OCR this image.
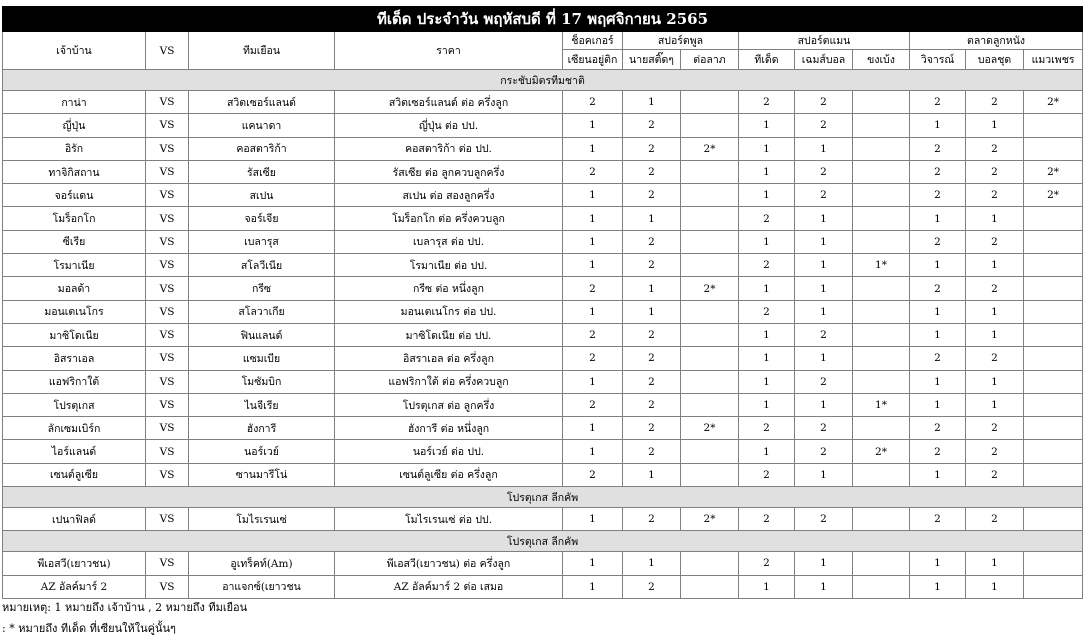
ทีเด็ด ประจำวัน พฤหัสบดี ที่ 17 พฤศจิกายน 2565												
เจ้าบ้าน	VS	ทีมเยือน	ราคา	ช็อคเกอร์	สปอร์ตพูล		สปอร์ตแมน			ตลาดลูกหนัง		
				เซียนอยู่ติก	นายสติ๊ดๆ	ต่อลาภ	ทีเด็ด	เฉมส์บอล	ขงเบ้ง	วิจารณ์	บอลชุด	แมวเพชร
กระชับมิตรทีมชาติ												
กาน่า	VS	สวิตเซอร์แลนด์	สวิตเซอร์แลนด์ ต่อ ครึ่งลูก	2	1		2	2		2	2	2*
ญี่ปุ่น	VS	แคนาดา	ญี่ปุ่น ต่อ ปป.	1	2		1	2		1	1	
อิรัก	VS	คอสตาริก้า	คอสตาริก้า ต่อ ปป.	1	2	2*	1	1		2	2	
ทาจิกิสถาน	VS	รัสเซีย	รัสเซีย ต่อ ลูกควบลูกครึ่ง	2	2		1	2		2	2	2*
จอร์แดน	VS	สเปน	สเปน ต่อ สองลูกครึ่ง	1	2		1	2		2	2	2*
โมร็อกโก	VS	จอร์เจีย	โมร็อกโก ต่อ ครึ่งควบลูก	1	1		2	1		1	1	
ซีเรีย	VS	เบลารุส	เบลารุส ต่อ ปป.	1	2		1	1		2	2	
โรมาเนีย	VS	สโลวีเนีย	โรมาเนีย ต่อ ปป.	1	2		2	1	1*	1	1	
มอลด้า	VS	กรีซ	กรีซ ต่อ หนึ่งลูก	2	1	2*	1	1		2	2	
มอนเตเนโกร	VS	สโลวาเกีย	มอนเตเนโกร ต่อ ปป.	1	1		2	1		1	1	
มาซิโดเนีย	VS	ฟินแลนด์	มาซิโดเนีย ต่อ ปป.	2	2		1	2		1	1	
อิสราเอล	VS	แซมเบีย	อิสราเอล ต่อ ครึ่งลูก	2	2		1	1		2	2	
แอฟริกาใต้	VS	โมซัมบิก	แอฟริกาใต้ ต่อ ครึ่งควบลูก	1	2		1	2		1	1	
โปรตุเกส	VS	ไนจีเรีย	โปรตุเกส ต่อ ลูกครึ่ง	2	2		1	1	1*	1	1	
ลักเซมเบิร์ก	VS	ฮังการี	ฮังการี ต่อ หนึ่งลูก	1	2	2*	2	2		2	2	
ไอร์แลนด์	VS	นอร์เวย์	นอร์เวย์ ต่อ ปป.	1	2		1	2	2*	2	2	
เซนต์ลูเซีย	VS	ซานมารีโน่	เซนต์ลูเซีย ต่อ ครึ่งลูก	2	1		2	1		1	2	
โปรตุเกส ลีกคัพ												
เปนาฟิลด์	VS	โมไรเรนเซ่	โมไรเรนเซ่ ต่อ ปป.	1	2	2*	2	2		2	2	
โปรตุเกส ลีกคัพ												
พีเอสวี(เยาวชน)	VS	อูเทร็คท์(Am)	พีเอสวี(เยาวชน) ต่อ ครึ่งลูก	1	1		2	1		1	1	
AZ อัลค์มาร์ 2	VS	อาแจกซ์(เยาวชน	AZ อัลค์มาร์ 2 ต่อ เสมอ	1	2		1	1		1	1	
หมายเหตุ: 1 หมายถึง เจ้าบ้าน , 2 หมายถึง ทีมเยือน
: * หมายถึง ทีเด็ด ที่เซียนให้ในคู่นั้นๆ
